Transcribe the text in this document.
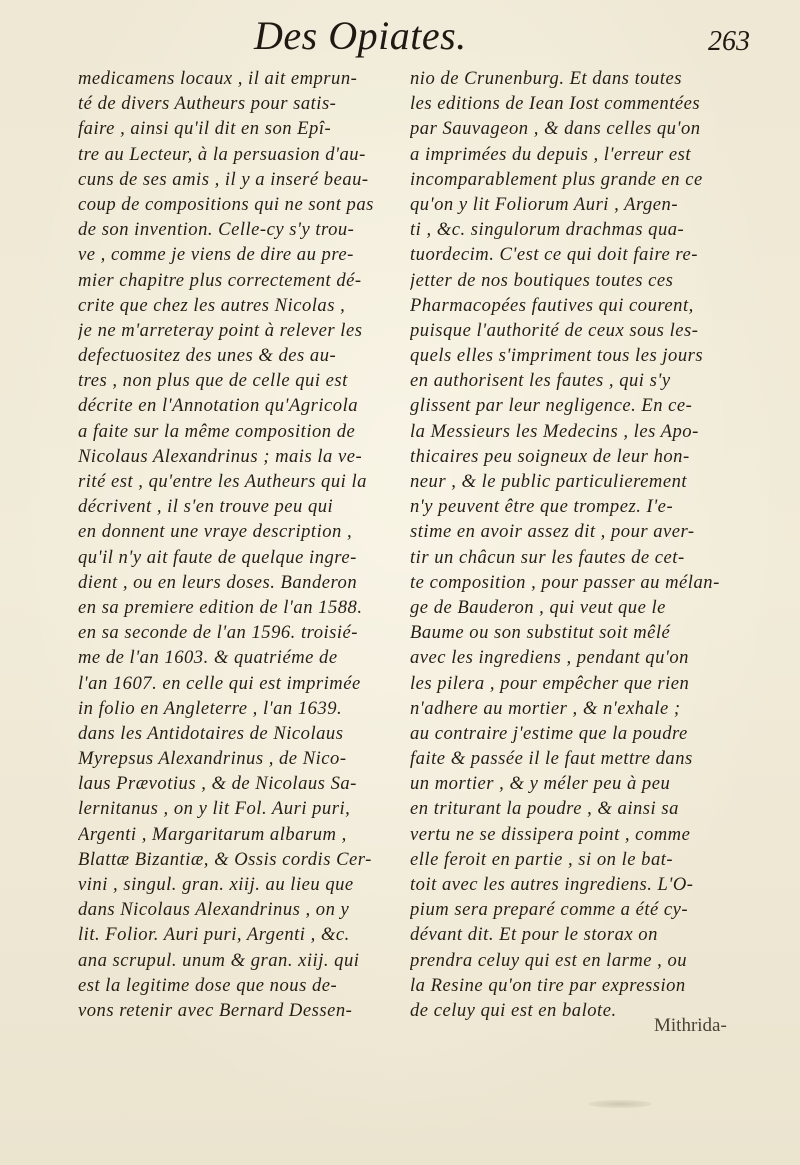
Des Opiates.	263
medicamens locaux , il ait emprun-
té de divers Autheurs pour satis-
faire , ainsi qu'il dit en son Epî-
tre au Lecteur, à la persuasion d'au-
cuns de ses amis , il y a inseré beau-
coup de compositions qui ne sont pas
de son invention. Celle-cy s'y trou-
ve , comme je viens de dire au pre-
mier chapitre plus correctement dé-
crite que chez les autres Nicolas ,
je ne m'arreteray point à relever les
defectuositez des unes & des au-
tres , non plus que de celle qui est
décrite en l'Annotation qu'Agricola
a faite sur la même composition de
Nicolaus Alexandrinus ; mais la ve-
rité est , qu'entre les Autheurs qui la
décrivent , il s'en trouve peu qui
en donnent une vraye description ,
qu'il n'y ait faute de quelque ingre-
dient , ou en leurs doses. Banderon
en sa premiere edition de l'an 1588.
en sa seconde de l'an 1596. troisié-
me de l'an 1603. & quatriéme de
l'an 1607. en celle qui est imprimée
in folio en Angleterre , l'an 1639.
dans les Antidotaires de Nicolaus
Myrepsus Alexandrinus , de Nico-
laus Prævotius , & de Nicolaus Sa-
lernitanus , on y lit Fol. Auri puri,
Argenti , Margaritarum albarum ,
Blattæ Bizantiæ, & Ossis cordis Cer-
vini , singul. gran. xiij. au lieu que
dans Nicolaus Alexandrinus , on y
lit. Folior. Auri puri, Argenti , &c.
ana scrupul. unum & gran. xiij. qui
est la legitime dose que nous de-
vons retenir avec Bernard Dessen-
nio de Crunenburg. Et dans toutes
les editions de Iean Iost commentées
par Sauvageon , & dans celles qu'on
a imprimées du depuis , l'erreur est
incomparablement plus grande en ce
qu'on y lit Foliorum Auri , Argen-
ti , &c. singulorum drachmas qua-
tuordecim. C'est ce qui doit faire re-
jetter de nos boutiques toutes ces
Pharmacopées fautives qui courent,
puisque l'authorité de ceux sous les-
quels elles s'impriment tous les jours
en authorisent les fautes , qui s'y
glissent par leur negligence. En ce-
la Messieurs les Medecins , les Apo-
thicaires peu soigneux de leur hon-
neur , & le public particulierement
n'y peuvent être que trompez. I'e-
stime en avoir assez dit , pour aver-
tir un châcun sur les fautes de cet-
te composition , pour passer au mélan-
ge de Bauderon , qui veut que le
Baume ou son substitut soit mêlé
avec les ingrediens , pendant qu'on
les pilera , pour empêcher que rien
n'adhere au mortier , & n'exhale ;
au contraire j'estime que la poudre
faite & passée il le faut mettre dans
un mortier , & y méler peu à peu
en triturant la poudre , & ainsi sa
vertu ne se dissipera point , comme
elle feroit en partie , si on le bat-
toit avec les autres ingrediens. L'O-
pium sera preparé comme a été cy-
dévant dit. Et pour le storax on
prendra celuy qui est en larme , ou
la Resine qu'on tire par expression
de celuy qui est en balote.
Mithrida-
